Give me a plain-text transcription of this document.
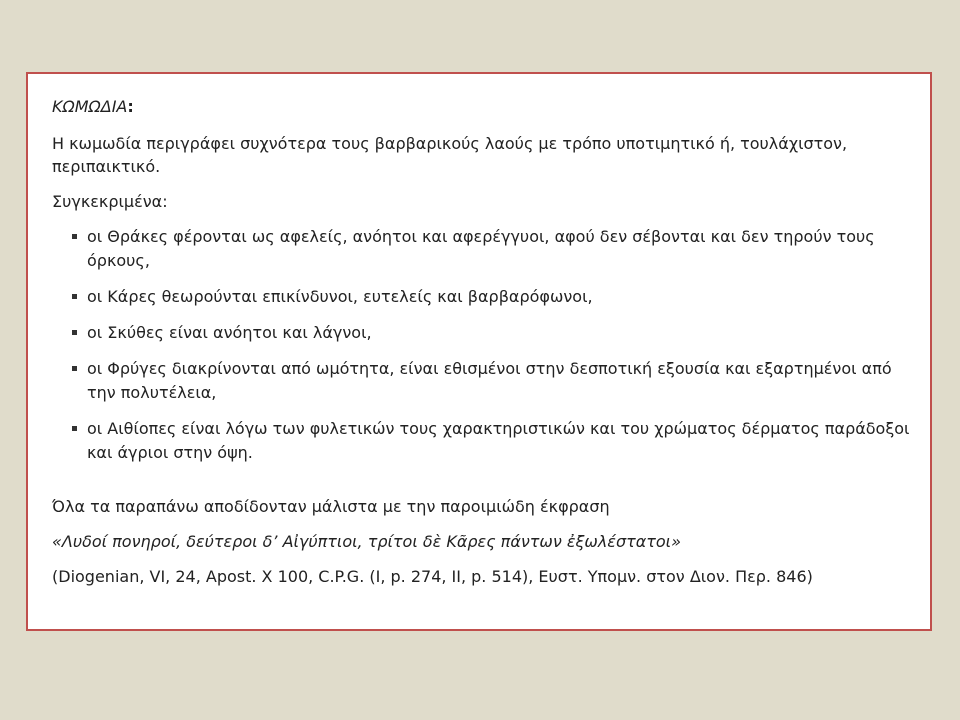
ΚΩΜΩΔΙΑ:

Η κωμωδία περιγράφει συχνότερα τους βαρβαρικούς λαούς με τρόπο υποτιμητικό ή, τουλάχιστον, περιπαικτικό.

Συγκεκριμένα:

οι Θράκες φέρονται ως αφελείς, ανόητοι και αφερέγγυοι, αφού δεν σέβονται και δεν τηρούν τους όρκους,
οι Κάρες θεωρούνται επικίνδυνοι, ευτελείς και βαρβαρόφωνοι,
οι Σκύθες είναι ανόητοι και λάγνοι,
οι Φρύγες διακρίνονται από ωμότητα, είναι εθισμένοι στην δεσποτική εξουσία και εξαρτημένοι από την πολυτέλεια,
οι Αιθίοπες είναι λόγω των φυλετικών τους χαρακτηριστικών και του χρώματος δέρματος παράδοξοι και άγριοι στην όψη.

Όλα τα παραπάνω αποδίδονταν μάλιστα με την παροιμιώδη έκφραση

«Λυδοί πονηροί, δεύτεροι δ’ Αἰγύπτιοι, τρίτοι δὲ Κᾶρες πάντων ἐξωλέστατοι»

(Diogenian, VI, 24, Apost. X 100, C.P.G. (I, p. 274, II, p. 514), Ευστ. Υπομν. στον Διον. Περ. 846)
